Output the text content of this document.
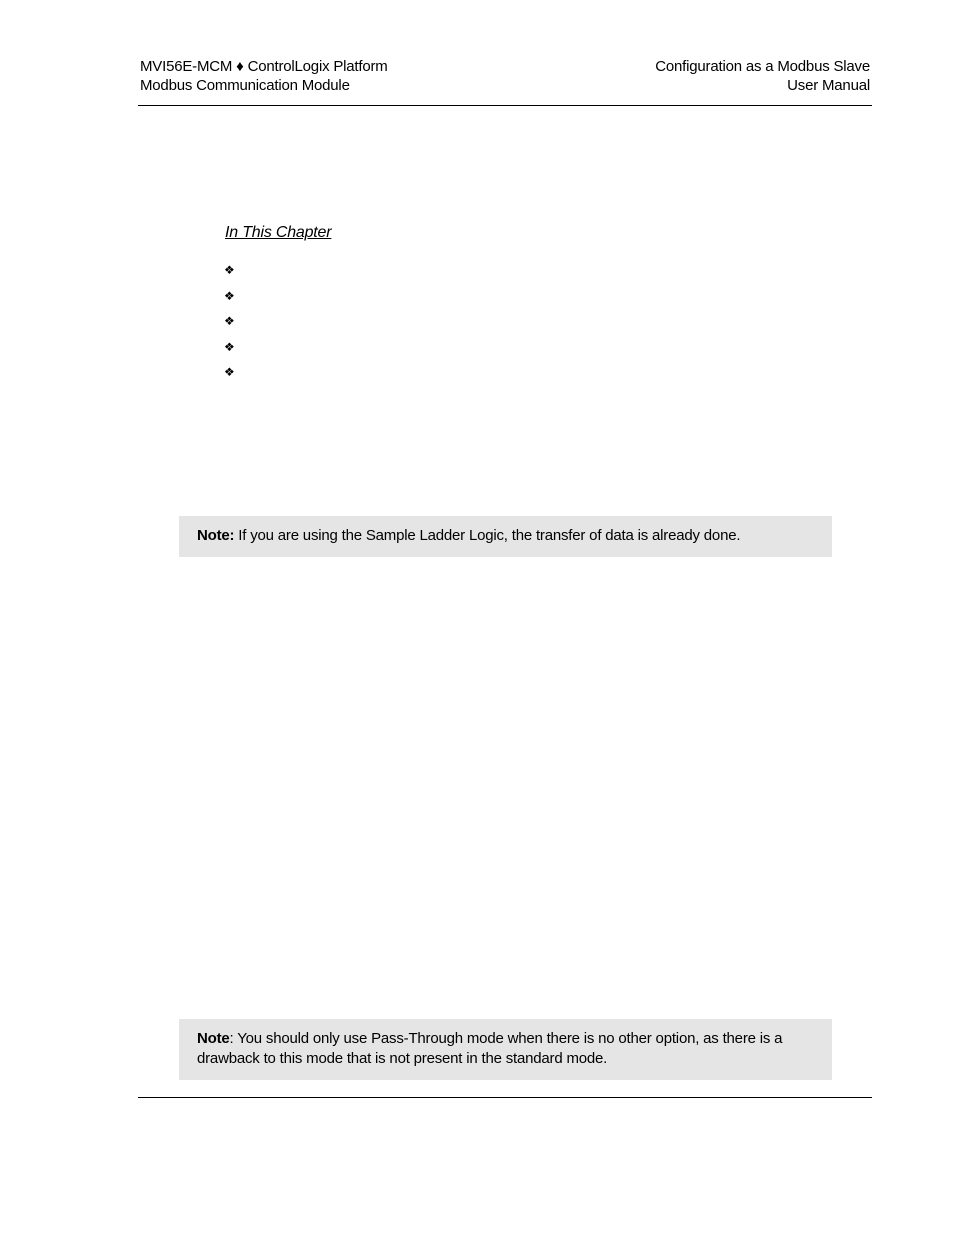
MVI56E-MCM ♦ ControlLogix Platform
Modbus Communication Module
Configuration as a Modbus Slave
User Manual
In This Chapter
❖
❖
❖
❖
❖
Note: If you are using the Sample Ladder Logic, the transfer of data is already done.
Note: You should only use Pass-Through mode when there is no other option, as there is a drawback to this mode that is not present in the standard mode.
